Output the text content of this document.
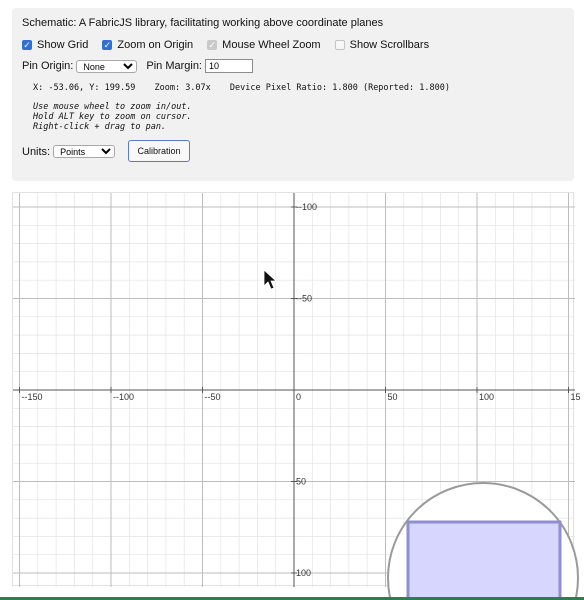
Schematic: A FabricJS library, facilitating working above coordinate planes
✓ Show Grid ✓ Zoom on Origin ✓ Mouse Wheel Zoom	Show Scrollbars
Pin Origin:
None	Pin Margin:
10
X: -53.06, Y: 199.59 Zoom: 3.07x Device Pixel Ratio: 1.800 (Reported: 1.800)
Use mouse wheel to zoom in/out.
Hold ALT key to zoom on cursor.
Right-click + drag to pan.
Units:
Points	Calibration
--150	--100	--50	0	50	100	15
--100
--50
50
100
